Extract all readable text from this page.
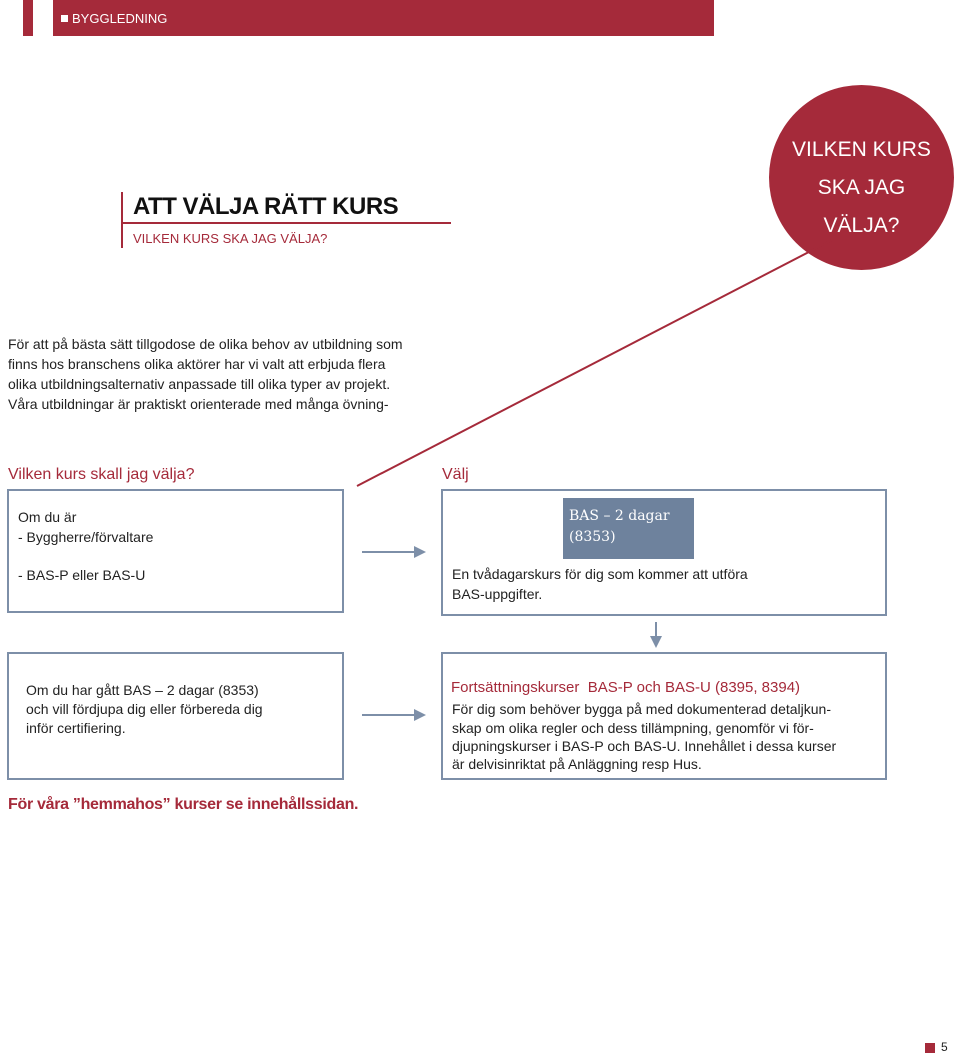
BYGGLEDNING
ATT VÄLJA RÄTT KURS
VILKEN KURS SKA JAG VÄLJA?
VILKEN KURS
SKA JAG
VÄLJA?
För att på bästa sätt tillgodose de olika behov av utbildning som
finns hos branschens olika aktörer har vi valt att erbjuda flera
olika utbildningsalternativ anpassade till olika typer av projekt.
Våra utbildningar är praktiskt orienterade med många övning-
Vilken kurs skall jag välja?	Välj
Om du är
- Byggherre/förvaltare
- BAS-P eller BAS-U	En tvådagarskurs för dig som kommer att utföra
BAS-uppgifter.
BAS – 2 dagar
(8353)
Om du har gått BAS – 2 dagar (8353)
och vill fördjupa dig eller förbereda dig
inför certifiering.
För dig som behöver bygga på med dokumenterad detaljkun-
skap om olika regler och dess tillämpning, genomför vi för-
djupningskurser i BAS-P och BAS-U. Innehållet i dessa kurser
är delvisinriktat på Anläggning resp Hus.
Fortsättningskurser  BAS-P och BAS-U (8395, 8394)
För våra ”hemmahos” kurser se innehållssidan.
5
